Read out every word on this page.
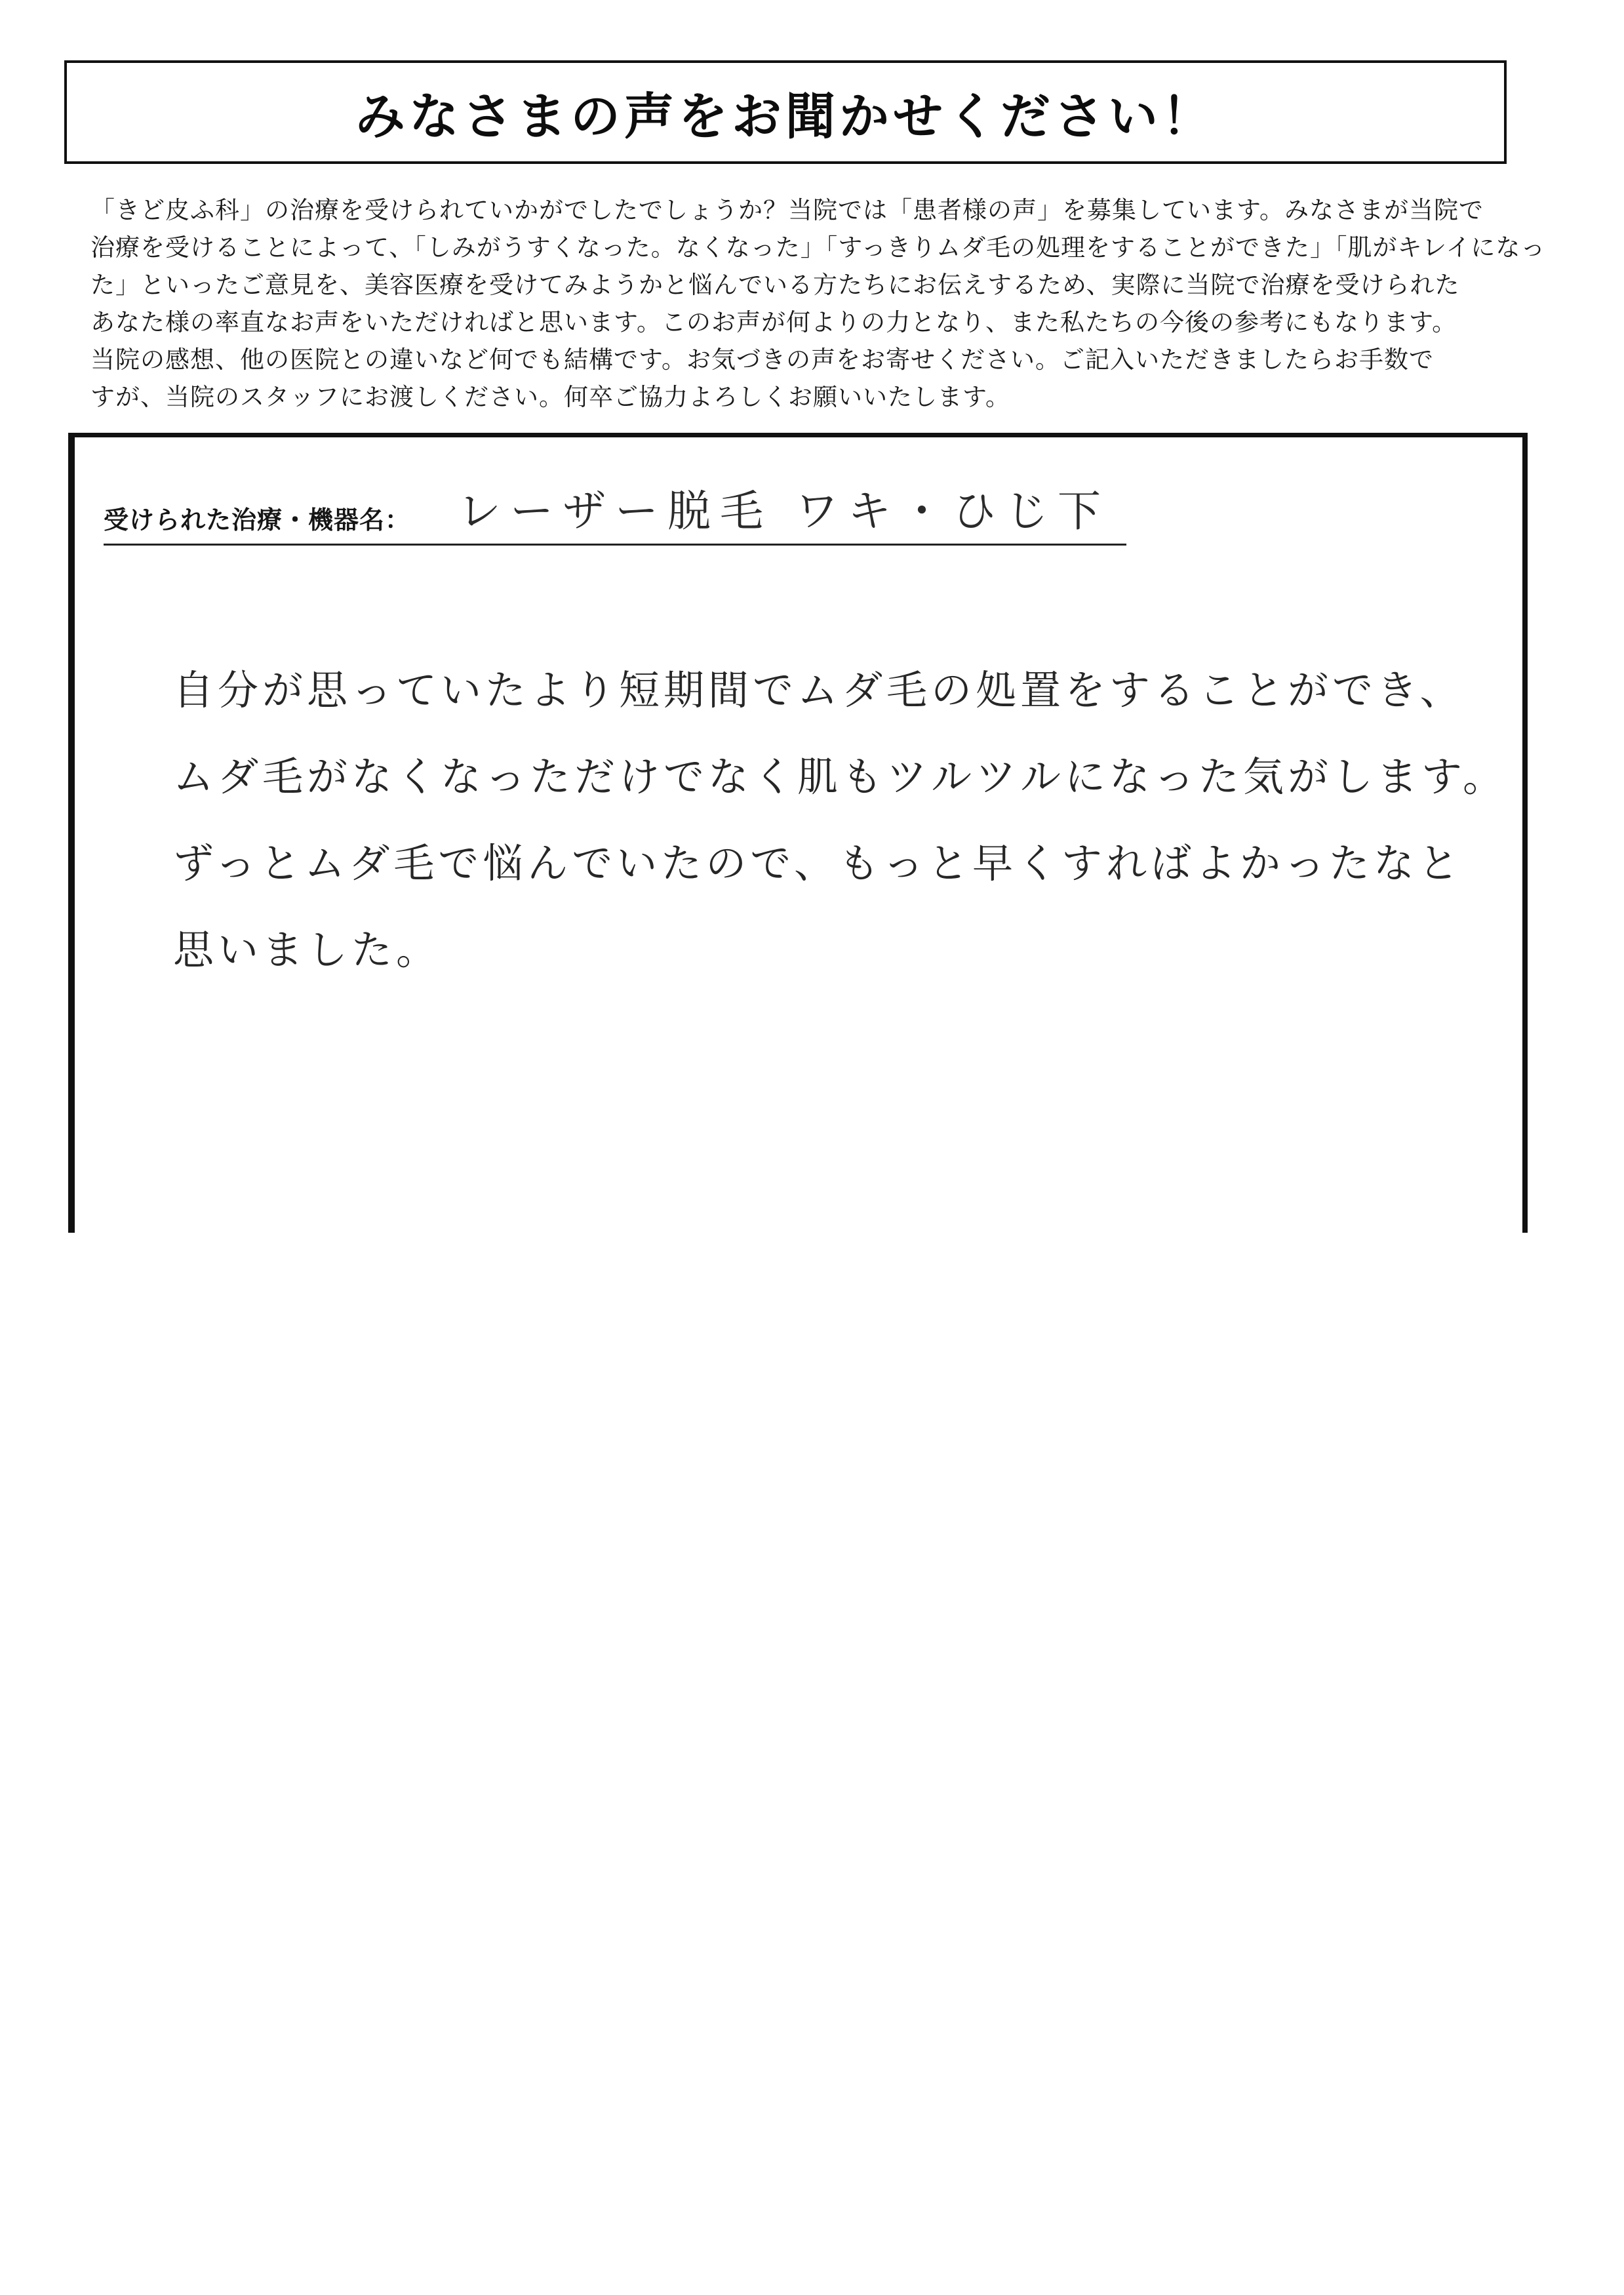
みなさまの声をお聞かせください！
「きど皮ふ科」の治療を受けられていかがでしたでしょうか？当院では「患者様の声」を募集しています。みなさまが当院で
治療を受けることによって、「しみがうすくなった。なくなった」「すっきりムダ毛の処理をすることができた」「肌がキレイになっ
た」といったご意見を、美容医療を受けてみようかと悩んでいる方たちにお伝えするため、実際に当院で治療を受けられた
あなた様の率直なお声をいただければと思います。このお声が何よりの力となり、また私たちの今後の参考にもなります。
当院の感想、他の医院との違いなど何でも結構です。お気づきの声をお寄せください。ご記入いただきましたらお手数で
すが、当院のスタッフにお渡しください。何卒ご協力よろしくお願いいたします。
受けられた治療・機器名： レーザー脱毛 ワキ・ひじ下
自分が思っていたより短期間でムダ毛の処置をすることができ、
ムダ毛がなくなっただけでなく肌もツルツルになった気がします。
ずっとムダ毛で悩んでいたので、もっと早くすればよかったなと
思いました。
